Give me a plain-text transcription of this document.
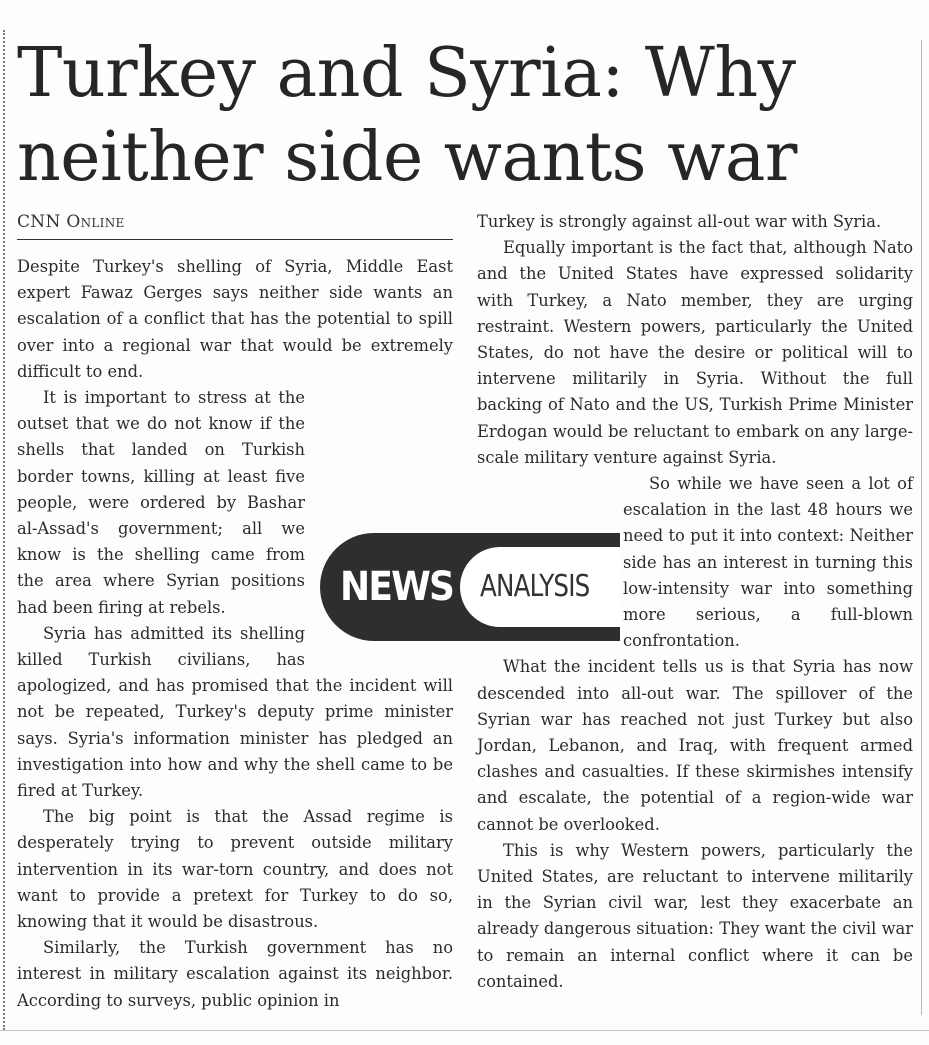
Turkey and Syria: Why neither side wants war
CNN Online

Despite Turkey's shelling of Syria, Middle East expert Fawaz Gerges says neither side wants an escalation of a conflict that has the potential to spill over into a regional war that would be extremely difficult to end.

It is important to stress at the outset that we do not know if the shells that landed on Turkish border towns, killing at least five people, were ordered by Bashar al-Assad's government; all we know is the shelling came from the area where Syrian positions had been firing at rebels.

Syria has admitted its shelling killed Turkish civilians, has apologized, and has promised that the incident will not be repeated, Turkey's deputy prime minister says. Syria's information minister has pledged an investigation into how and why the shell came to be fired at Turkey.

The big point is that the Assad regime is desperately trying to prevent outside military intervention in its war-torn country, and does not want to provide a pretext for Turkey to do so, knowing that it would be disastrous.

Similarly, the Turkish government has no interest in military escalation against its neighbor. According to surveys, public opinion in

Turkey is strongly against all-out war with Syria.

Equally important is the fact that, although Nato and the United States have expressed solidarity with Turkey, a Nato member, they are urging restraint. Western powers, particularly the United States, do not have the desire or political will to intervene militarily in Syria. Without the full backing of Nato and the US, Turkish Prime Minister Erdogan would be reluctant to embark on any large-scale military venture against Syria.

So while we have seen a lot of escalation in the last 48 hours we need to put it into context: Neither side has an interest in turning this low-intensity war into something more serious, a full-blown confrontation.

What the incident tells us is that Syria has now descended into all-out war. The spillover of the Syrian war has reached not just Turkey but also Jordan, Lebanon, and Iraq, with frequent armed clashes and casualties. If these skirmishes intensify and escalate, the potential of a region-wide war cannot be overlooked.

This is why Western powers, particularly the United States, are reluctant to intervene militarily in the Syrian civil war, lest they exacerbate an already dangerous situation: They want the civil war to remain an internal conflict where it can be contained.

NEWS ANALYSIS
